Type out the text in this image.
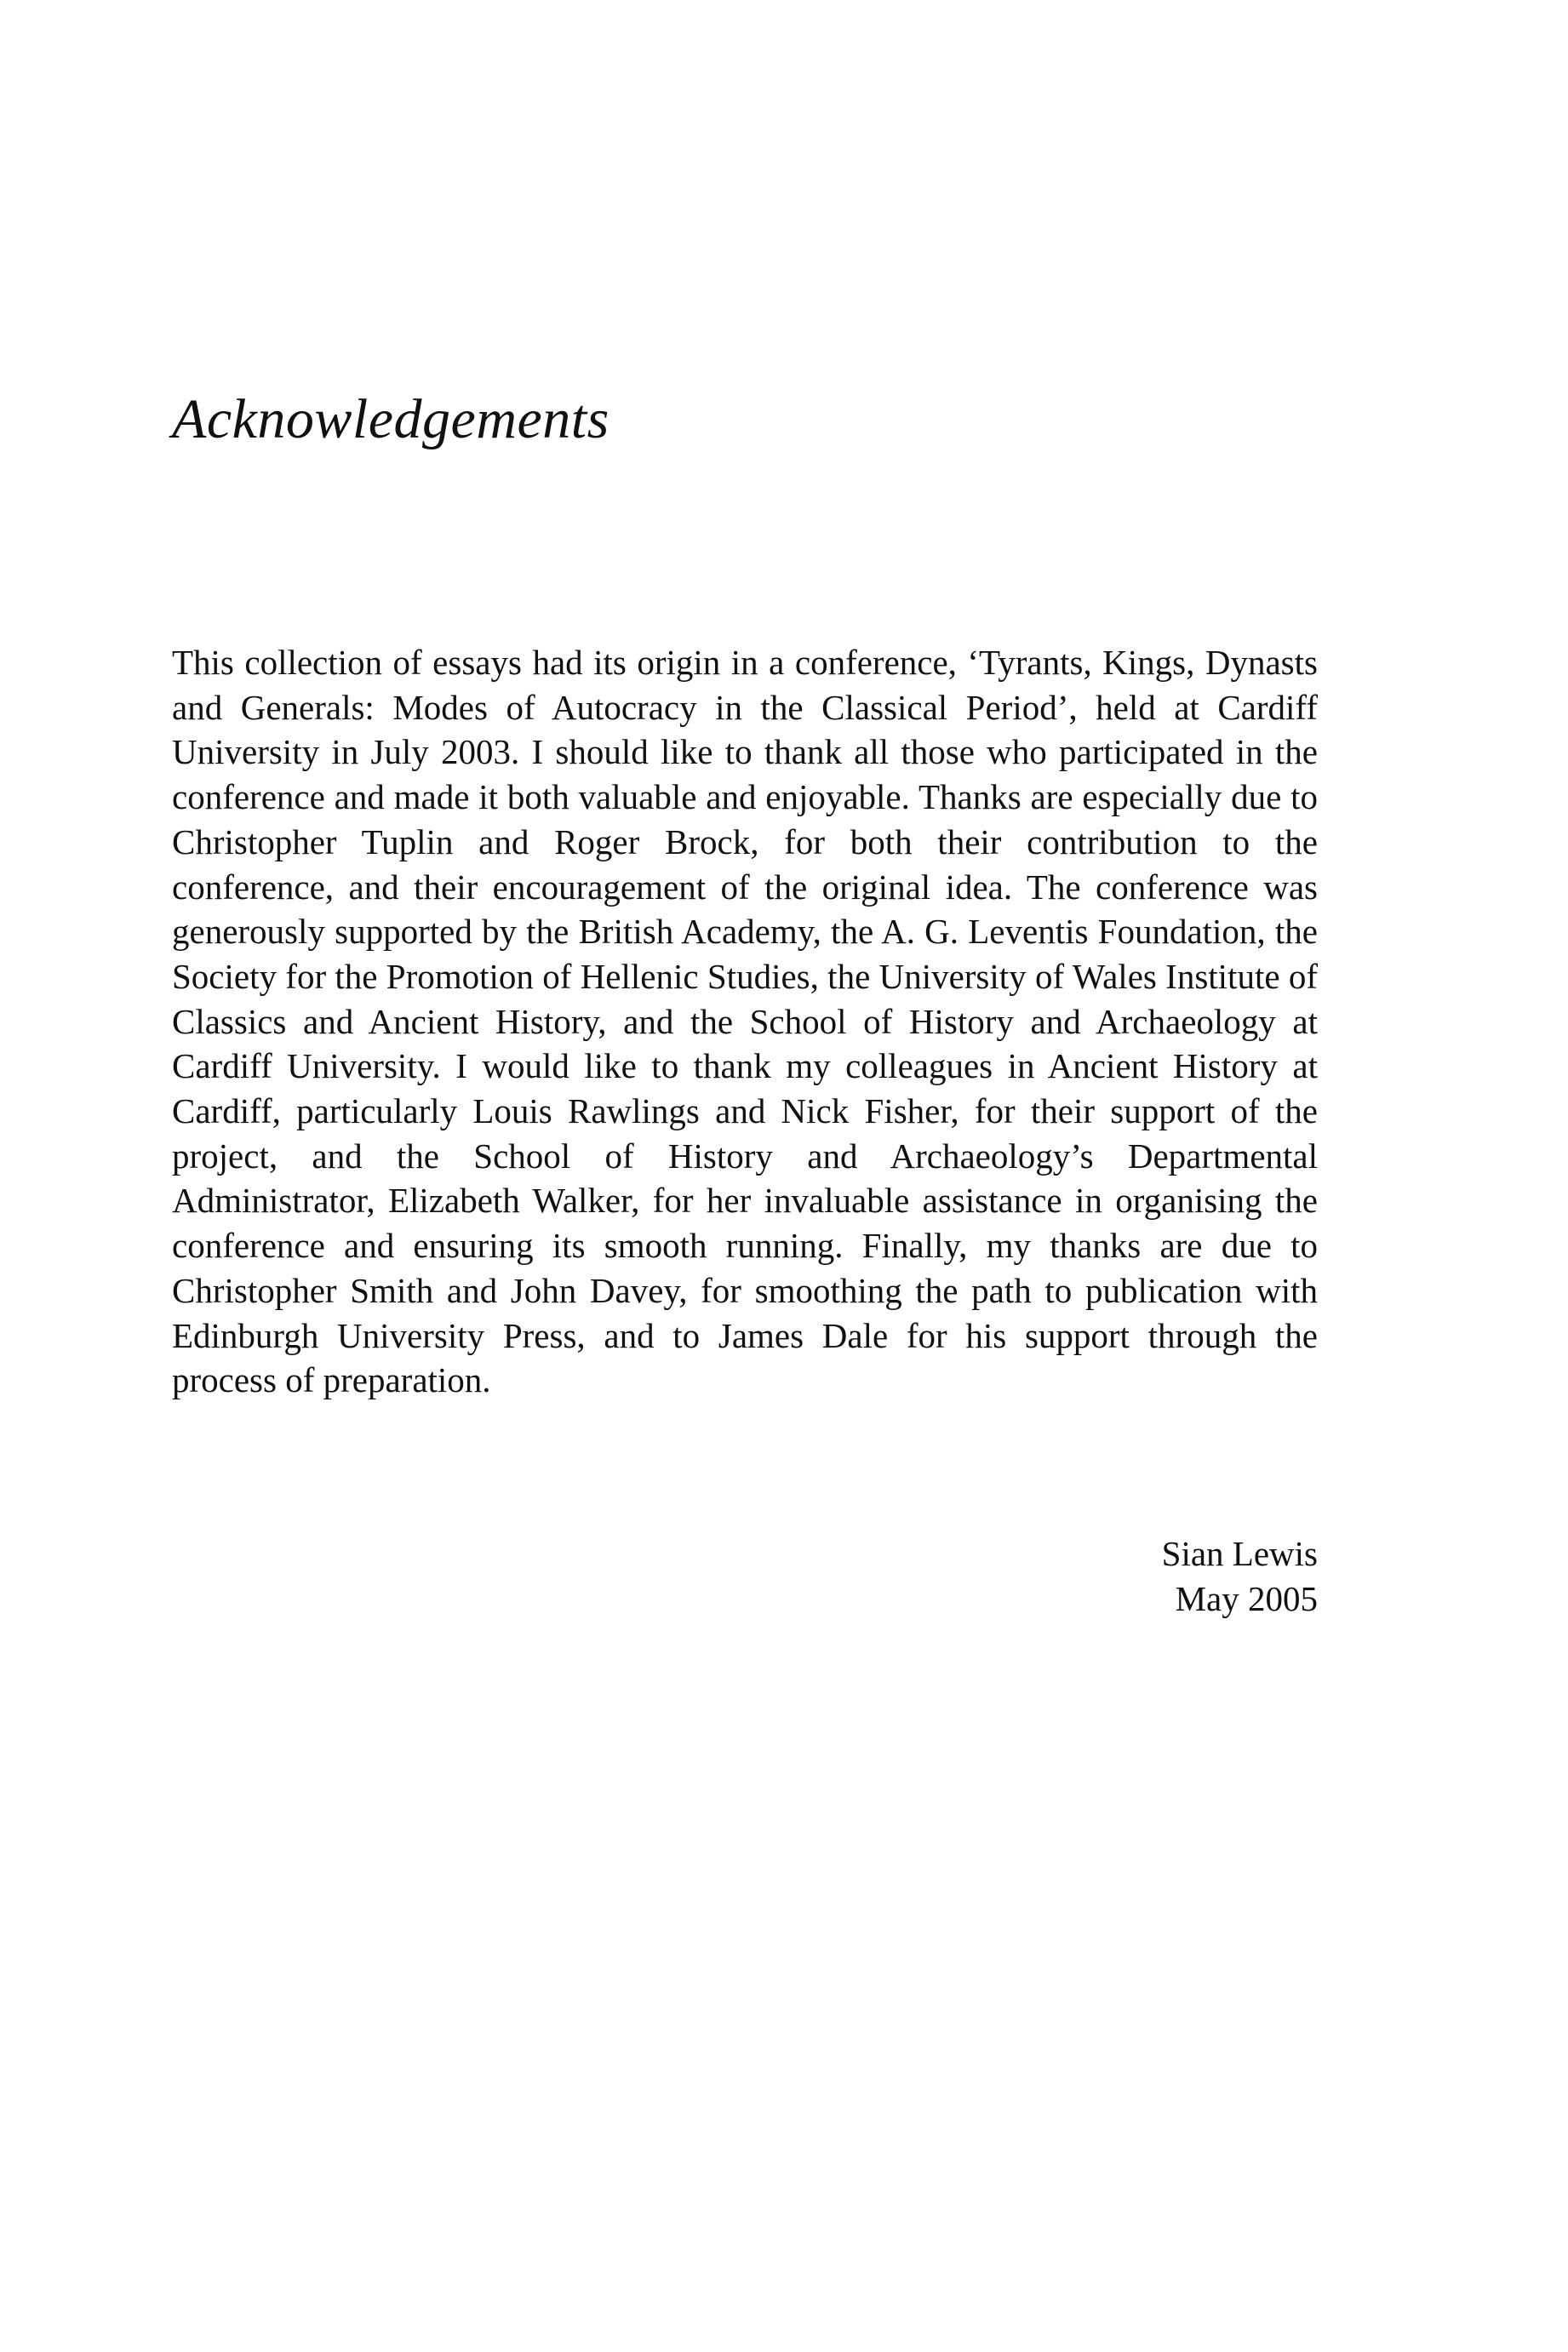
Acknowledgements

This collection of essays had its origin in a conference, ‘Tyrants, Kings, Dynasts and Generals: Modes of Autocracy in the Classical Period’, held at Cardiff University in July 2003. I should like to thank all those who participated in the conference and made it both valuable and enjoyable. Thanks are especially due to Christopher Tuplin and Roger Brock, for both their contribution to the conference, and their encouragement of the original idea. The conference was generously supported by the British Academy, the A. G. Leventis Foundation, the Society for the Promotion of Hellenic Studies, the University of Wales Institute of Classics and Ancient History, and the School of History and Archaeology at Cardiff University. I would like to thank my colleagues in Ancient History at Cardiff, particularly Louis Rawlings and Nick Fisher, for their support of the project, and the School of History and Archaeology’s Departmental Administrator, Elizabeth Walker, for her invaluable assistance in organising the conference and ensuring its smooth running. Finally, my thanks are due to Christopher Smith and John Davey, for smoothing the path to publication with Edinburgh University Press, and to James Dale for his support through the process of preparation.

Sian Lewis
May 2005
